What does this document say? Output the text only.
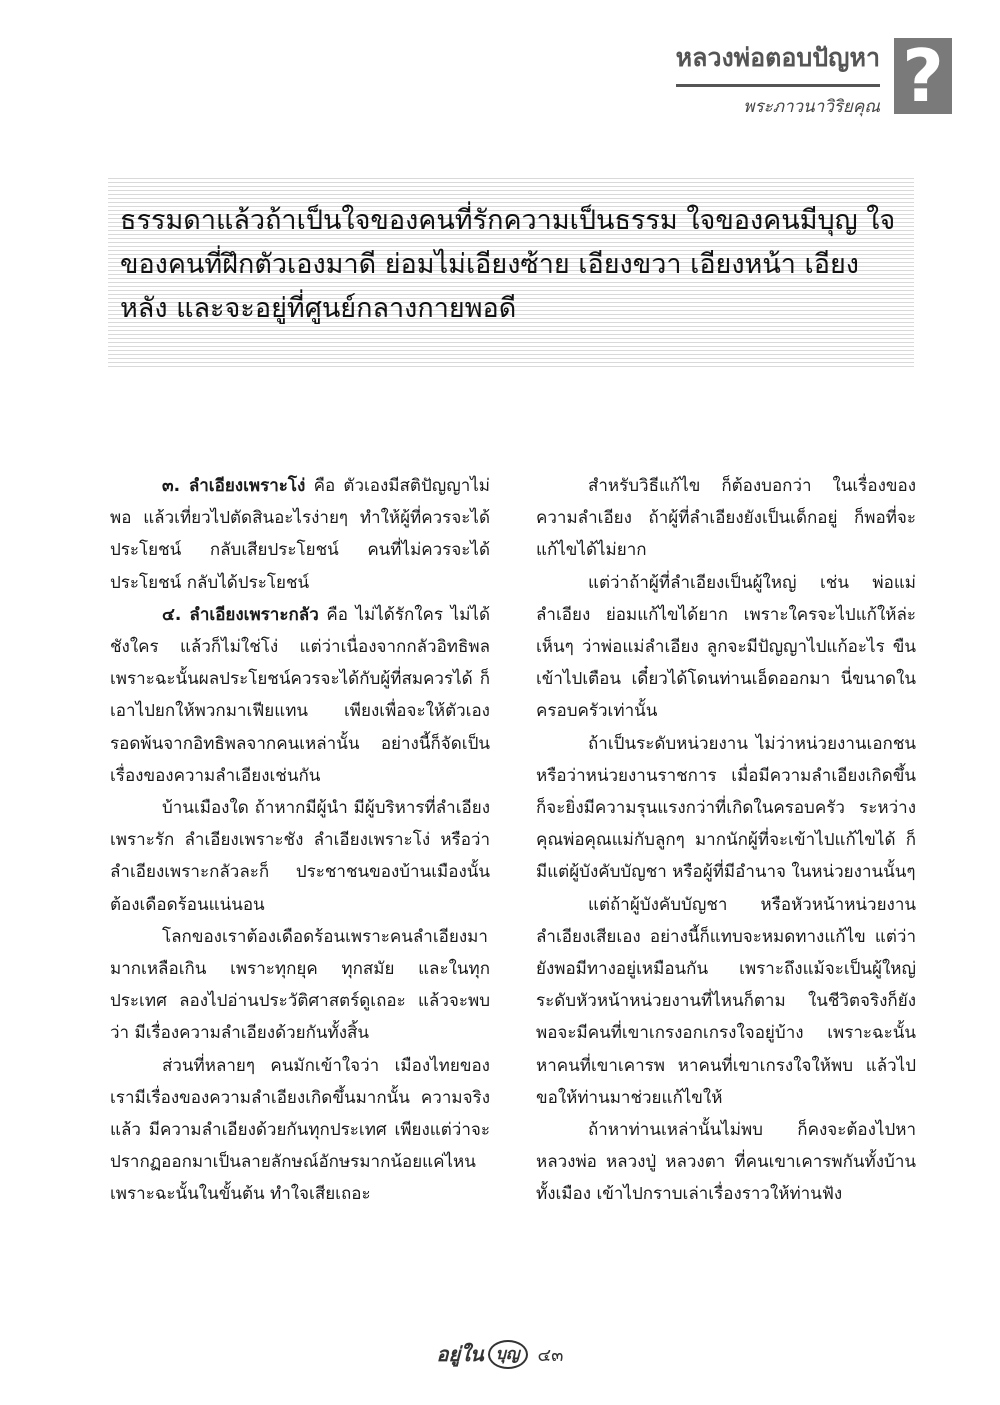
หลวงพ่อตอบปัญหา
พระภาวนาวิริยคุณ ?
ธรรมดาแล้วถ้าเป็นใจของคนที่รักความเป็นธรรม ใจของคนมีบุญ ใจของคนที่ฝึกตัวเองมาดี ย่อมไม่เอียงซ้าย เอียงขวา เอียงหน้า เอียงหลัง และจะอยู่ที่ศูนย์กลางกายพอดี

๓. ลำเอียงเพราะโง่ คือ ตัวเองมีสติปัญญาไม่พอ แล้วเที่ยวไปตัดสินอะไรง่ายๆ ทำให้ผู้ที่ควรจะได้ประโยชน์ กลับเสียประโยชน์ คนที่ไม่ควรจะได้ประโยชน์ กลับได้ประโยชน์

๔. ลำเอียงเพราะกลัว คือ ไม่ได้รักใคร ไม่ได้ชังใคร แล้วก็ไม่ใช่โง่ แต่ว่าเนื่องจากกลัวอิทธิพล เพราะฉะนั้นผลประโยชน์ควรจะได้กับผู้ที่สมควรได้ ก็เอาไปยกให้พวกมาเฟียแทน เพียงเพื่อจะให้ตัวเองรอดพ้นจากอิทธิพลจากคนเหล่านั้น อย่างนี้ก็จัดเป็นเรื่องของความลำเอียงเช่นกัน

บ้านเมืองใด ถ้าหากมีผู้นำ มีผู้บริหารที่ลำเอียงเพราะรัก ลำเอียงเพราะชัง ลำเอียงเพราะโง่ หรือว่าลำเอียงเพราะกลัวละก็ ประชาชนของบ้านเมืองนั้น ต้องเดือดร้อนแน่นอน

โลกของเราต้องเดือดร้อนเพราะคนลำเอียงมามากเหลือเกิน เพราะทุกยุค ทุกสมัย และในทุกประเทศ ลองไปอ่านประวัติศาสตร์ดูเถอะ แล้วจะพบว่า มีเรื่องความลำเอียงด้วยกันทั้งสิ้น

ส่วนที่หลายๆ คนมักเข้าใจว่า เมืองไทยของเรามีเรื่องของความลำเอียงเกิดขึ้นมากนั้น ความจริงแล้ว มีความลำเอียงด้วยกันทุกประเทศ เพียงแต่ว่าจะปรากฏออกมาเป็นลายลักษณ์อักษรมากน้อยแค่ไหน เพราะฉะนั้นในขั้นต้น ทำใจเสียเถอะ

สำหรับวิธีแก้ไข ก็ต้องบอกว่า ในเรื่องของความลำเอียง ถ้าผู้ที่ลำเอียงยังเป็นเด็กอยู่ ก็พอที่จะแก้ไขได้ไม่ยาก

แต่ว่าถ้าผู้ที่ลำเอียงเป็นผู้ใหญ่ เช่น พ่อแม่ลำเอียง ย่อมแก้ไขได้ยาก เพราะใครจะไปแก้ให้ล่ะ เห็นๆ ว่าพ่อแม่ลำเอียง ลูกจะมีปัญญาไปแก้อะไร ขืนเข้าไปเตือน เดี๋ยวได้โดนท่านเอ็ดออกมา นี่ขนาดในครอบครัวเท่านั้น

ถ้าเป็นระดับหน่วยงาน ไม่ว่าหน่วยงานเอกชน หรือว่าหน่วยงานราชการ เมื่อมีความลำเอียงเกิดขึ้น ก็จะยิ่งมีความรุนแรงกว่าที่เกิดในครอบครัว ระหว่างคุณพ่อคุณแม่กับลูกๆ มากนักผู้ที่จะเข้าไปแก้ไขได้ ก็มีแต่ผู้บังคับบัญชา หรือผู้ที่มีอำนาจ ในหน่วยงานนั้นๆ

แต่ถ้าผู้บังคับบัญชา หรือหัวหน้าหน่วยงานลำเอียงเสียเอง อย่างนี้ก็แทบจะหมดทางแก้ไข แต่ว่ายังพอมีทางอยู่เหมือนกัน เพราะถึงแม้จะเป็นผู้ใหญ่ระดับหัวหน้าหน่วยงานที่ไหนก็ตาม ในชีวิตจริงก็ยังพอจะมีคนที่เขาเกรงอกเกรงใจอยู่บ้าง เพราะฉะนั้นหาคนที่เขาเคารพ หาคนที่เขาเกรงใจให้พบ แล้วไปขอให้ท่านมาช่วยแก้ไขให้

ถ้าหาท่านเหล่านั้นไม่พบ ก็คงจะต้องไปหาหลวงพ่อ หลวงปู่ หลวงตา ที่คนเขาเคารพกันทั้งบ้านทั้งเมือง เข้าไปกราบเล่าเรื่องราวให้ท่านฟัง

อยู่ใน บุญ	๔๓
